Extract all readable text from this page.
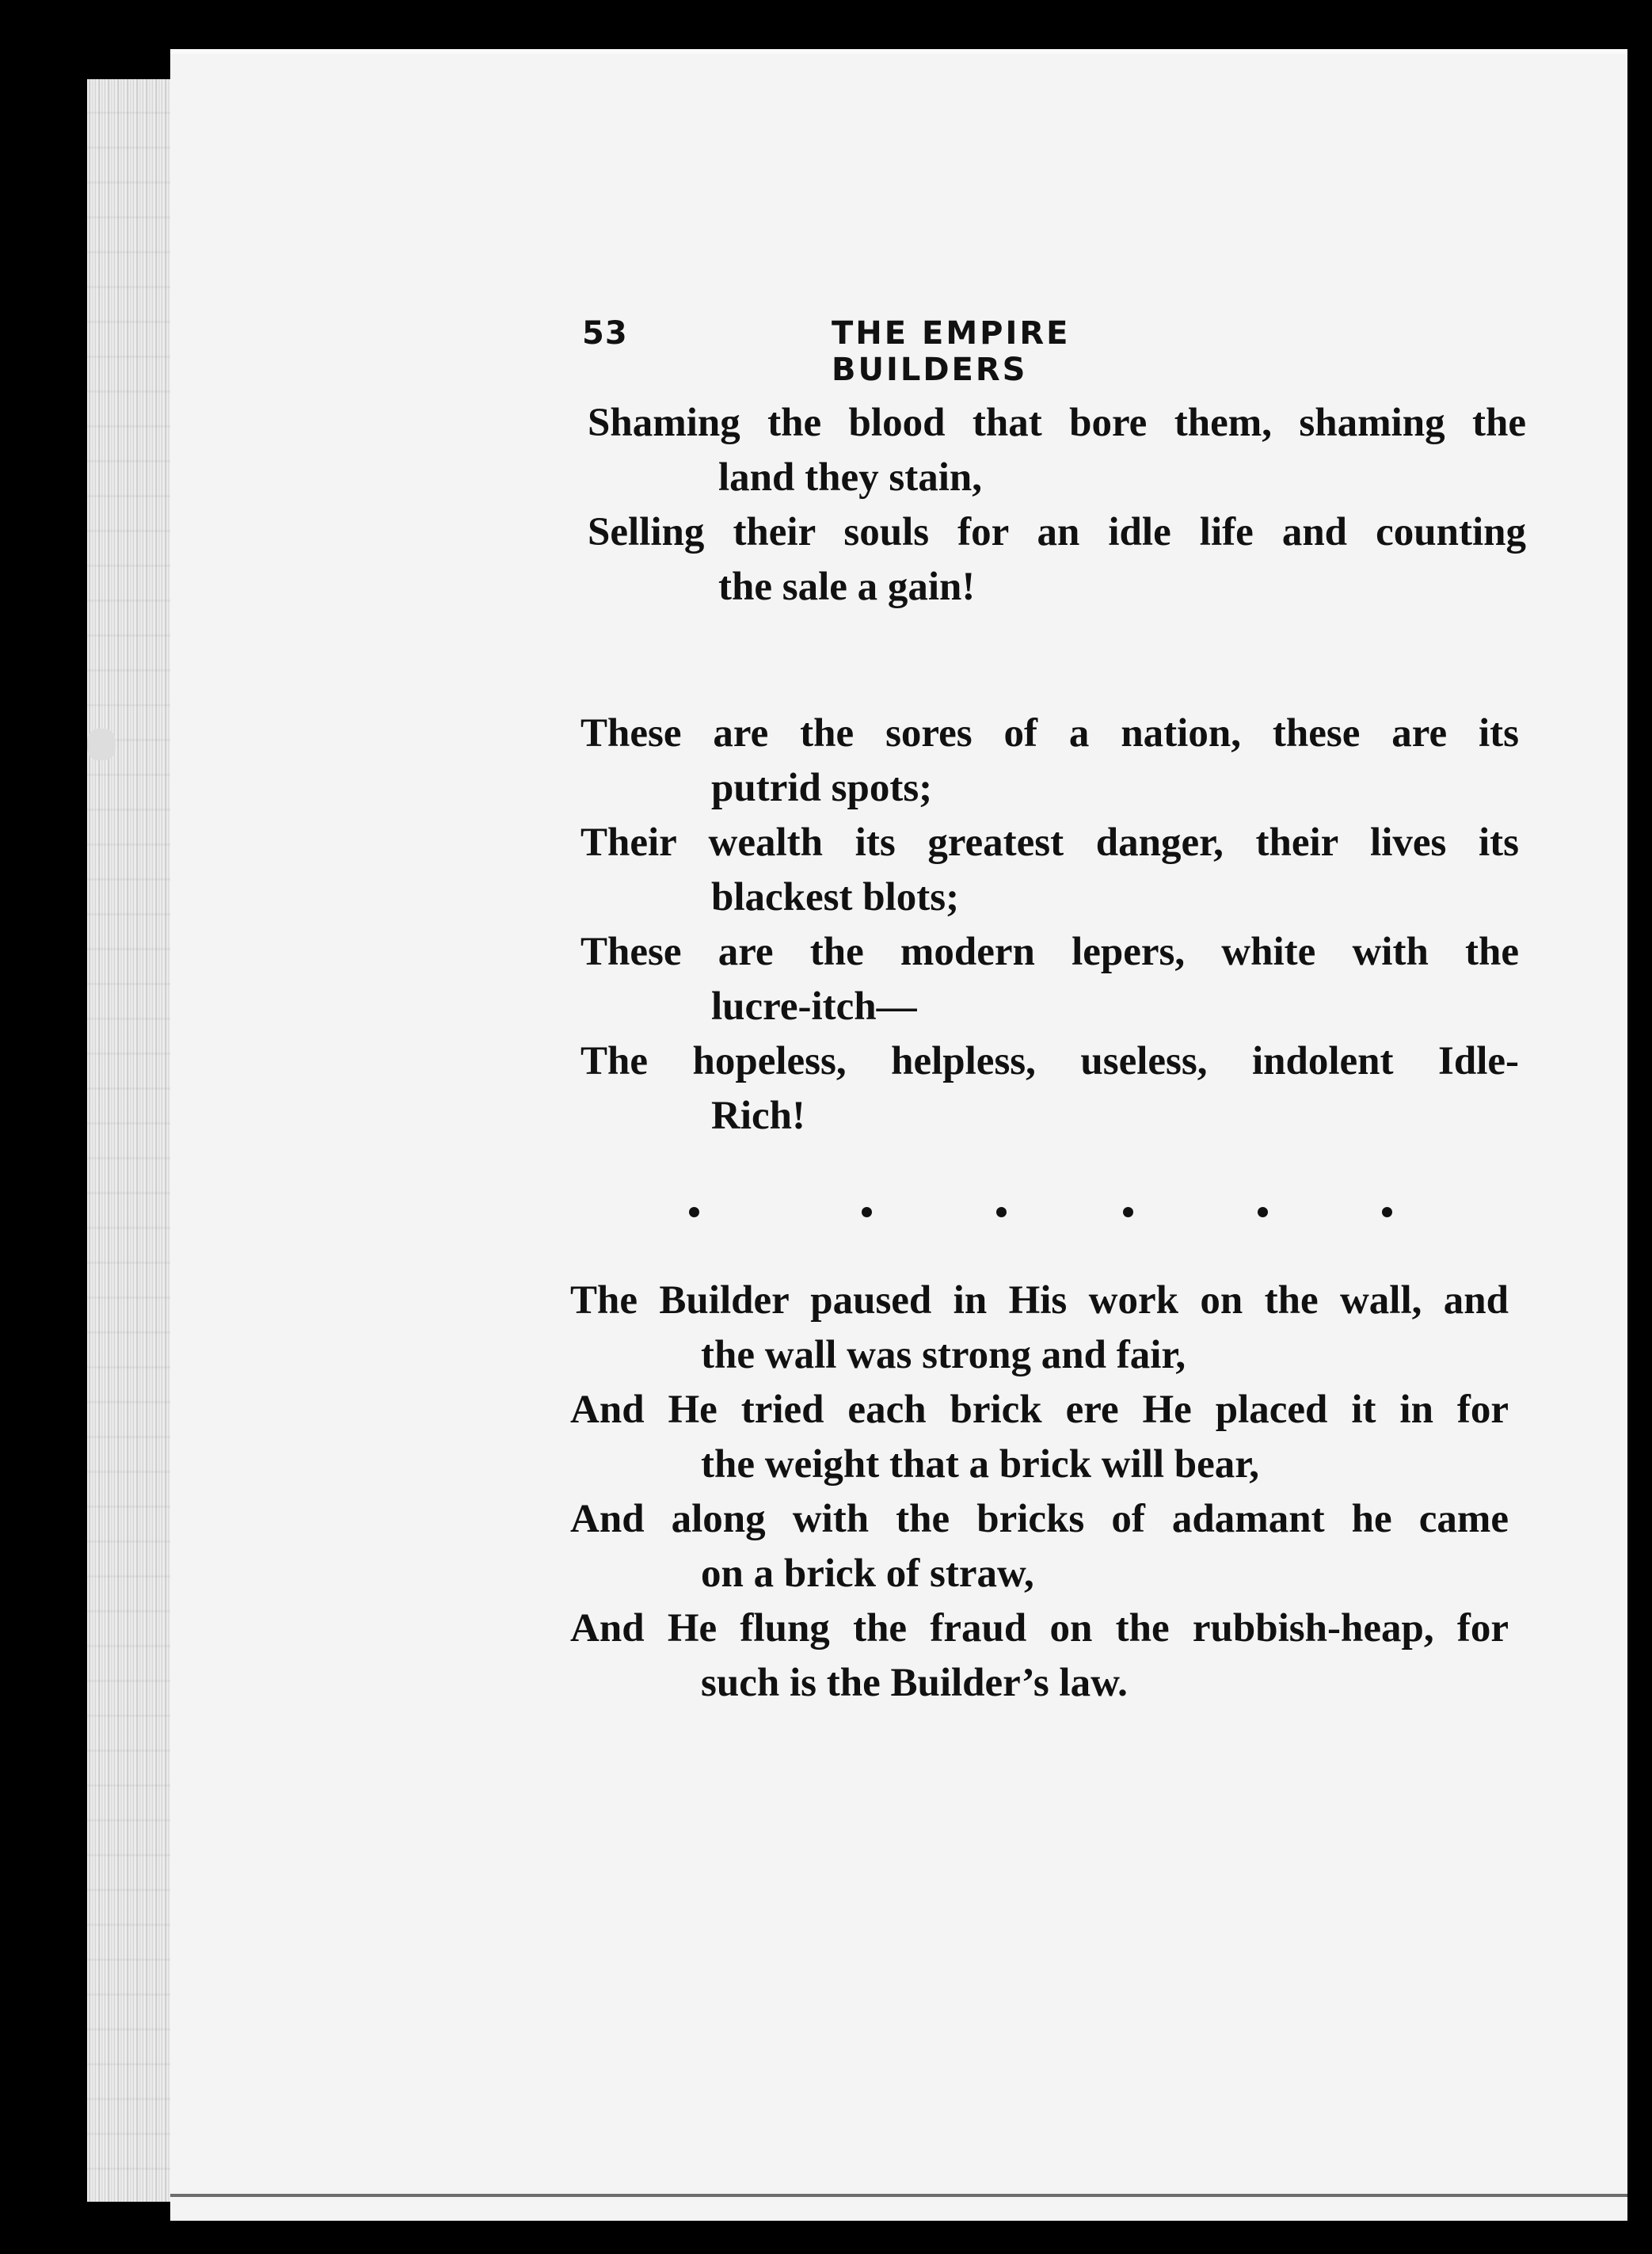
53	THE EMPIRE BUILDERS
Shaming the blood that bore them, shaming the
land they stain,
Selling their souls for an idle life and counting
the sale a gain!
These are the sores of a nation, these are its
putrid spots;
Their wealth its greatest danger, their lives its
blackest blots;
These are the modern lepers, white with the
lucre-itch—
The hopeless, helpless, useless, indolent Idle-
Rich!
The Builder paused in His work on the wall, and
the wall was strong and fair,
And He tried each brick ere He placed it in for
the weight that a brick will bear,
And along with the bricks of adamant he came
on a brick of straw,
And He flung the fraud on the rubbish-heap, for
such is the Builder’s law.
